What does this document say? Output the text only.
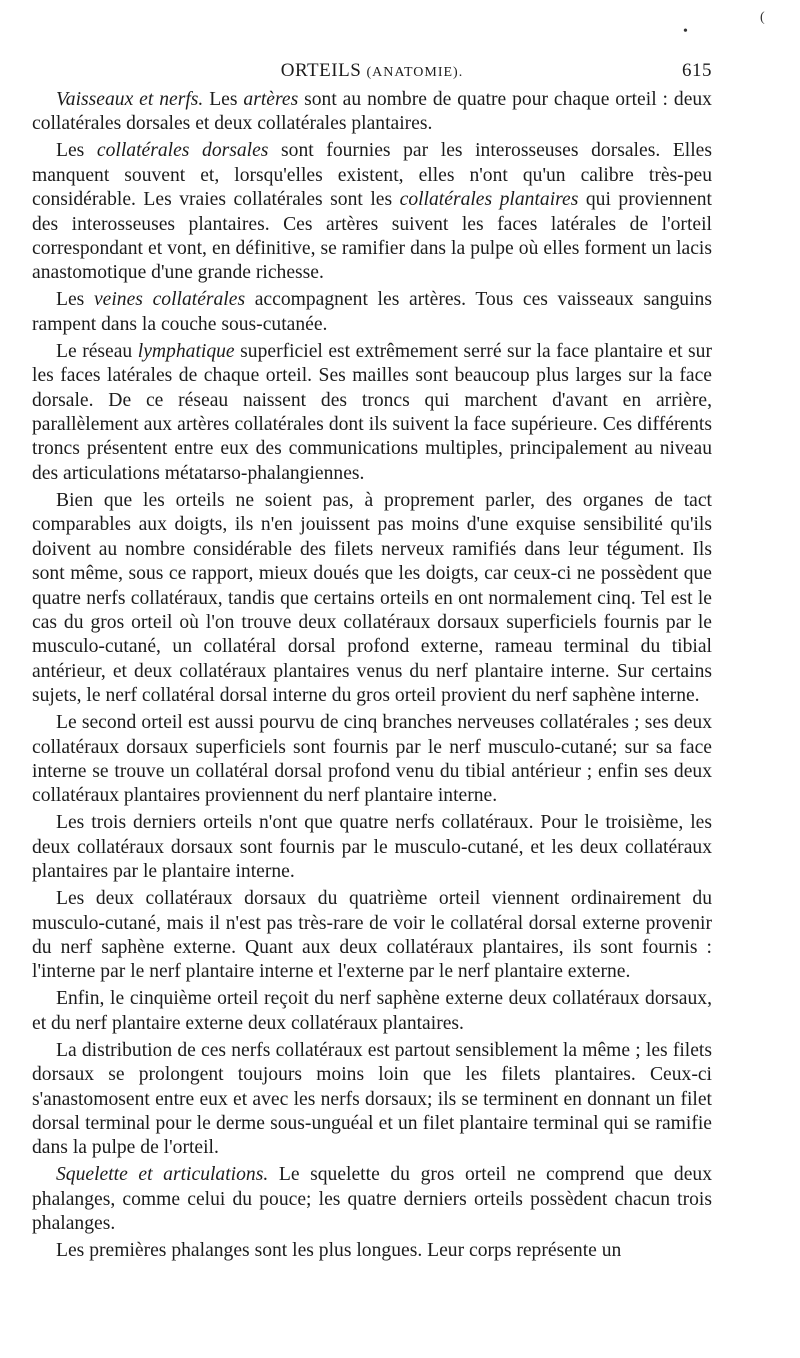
(
•
ORTEILS (ANATOMIE).	615

Vaisseaux et nerfs. Les artères sont au nombre de quatre pour chaque orteil : deux collatérales dorsales et deux collatérales plantaires.

Les collatérales dorsales sont fournies par les interosseuses dorsales. Elles manquent souvent et, lorsqu'elles existent, elles n'ont qu'un calibre très-peu considérable. Les vraies collatérales sont les collatérales plantaires qui proviennent des interosseuses plantaires. Ces artères suivent les faces latérales de l'orteil correspondant et vont, en définitive, se ramifier dans la pulpe où elles forment un lacis anastomotique d'une grande richesse.

Les veines collatérales accompagnent les artères. Tous ces vaisseaux sanguins rampent dans la couche sous-cutanée.

Le réseau lymphatique superficiel est extrêmement serré sur la face plantaire et sur les faces latérales de chaque orteil. Ses mailles sont beaucoup plus larges sur la face dorsale. De ce réseau naissent des troncs qui marchent d'avant en arrière, parallèlement aux artères collatérales dont ils suivent la face supérieure. Ces différents troncs présentent entre eux des communications multiples, principalement au niveau des articulations métatarso-phalangiennes.

Bien que les orteils ne soient pas, à proprement parler, des organes de tact comparables aux doigts, ils n'en jouissent pas moins d'une exquise sensibilité qu'ils doivent au nombre considérable des filets nerveux ramifiés dans leur tégument. Ils sont même, sous ce rapport, mieux doués que les doigts, car ceux-ci ne possèdent que quatre nerfs collatéraux, tandis que certains orteils en ont normalement cinq. Tel est le cas du gros orteil où l'on trouve deux collatéraux dorsaux superficiels fournis par le musculo-cutané, un collatéral dorsal profond externe, rameau terminal du tibial antérieur, et deux collatéraux plantaires venus du nerf plantaire interne. Sur certains sujets, le nerf collatéral dorsal interne du gros orteil provient du nerf saphène interne.

Le second orteil est aussi pourvu de cinq branches nerveuses collatérales ; ses deux collatéraux dorsaux superficiels sont fournis par le nerf musculo-cutané; sur sa face interne se trouve un collatéral dorsal profond venu du tibial antérieur ; enfin ses deux collatéraux plantaires proviennent du nerf plantaire interne.

Les trois derniers orteils n'ont que quatre nerfs collatéraux. Pour le troisième, les deux collatéraux dorsaux sont fournis par le musculo-cutané, et les deux collatéraux plantaires par le plantaire interne.

Les deux collatéraux dorsaux du quatrième orteil viennent ordinairement du musculo-cutané, mais il n'est pas très-rare de voir le collatéral dorsal externe provenir du nerf saphène externe. Quant aux deux collatéraux plantaires, ils sont fournis : l'interne par le nerf plantaire interne et l'externe par le nerf plantaire externe.

Enfin, le cinquième orteil reçoit du nerf saphène externe deux collatéraux dorsaux, et du nerf plantaire externe deux collatéraux plantaires.

La distribution de ces nerfs collatéraux est partout sensiblement la même ; les filets dorsaux se prolongent toujours moins loin que les filets plantaires. Ceux-ci s'anastomosent entre eux et avec les nerfs dorsaux; ils se terminent en donnant un filet dorsal terminal pour le derme sous-unguéal et un filet plantaire terminal qui se ramifie dans la pulpe de l'orteil.

Squelette et articulations. Le squelette du gros orteil ne comprend que deux phalanges, comme celui du pouce; les quatre derniers orteils possèdent chacun trois phalanges.

Les premières phalanges sont les plus longues. Leur corps représente un
